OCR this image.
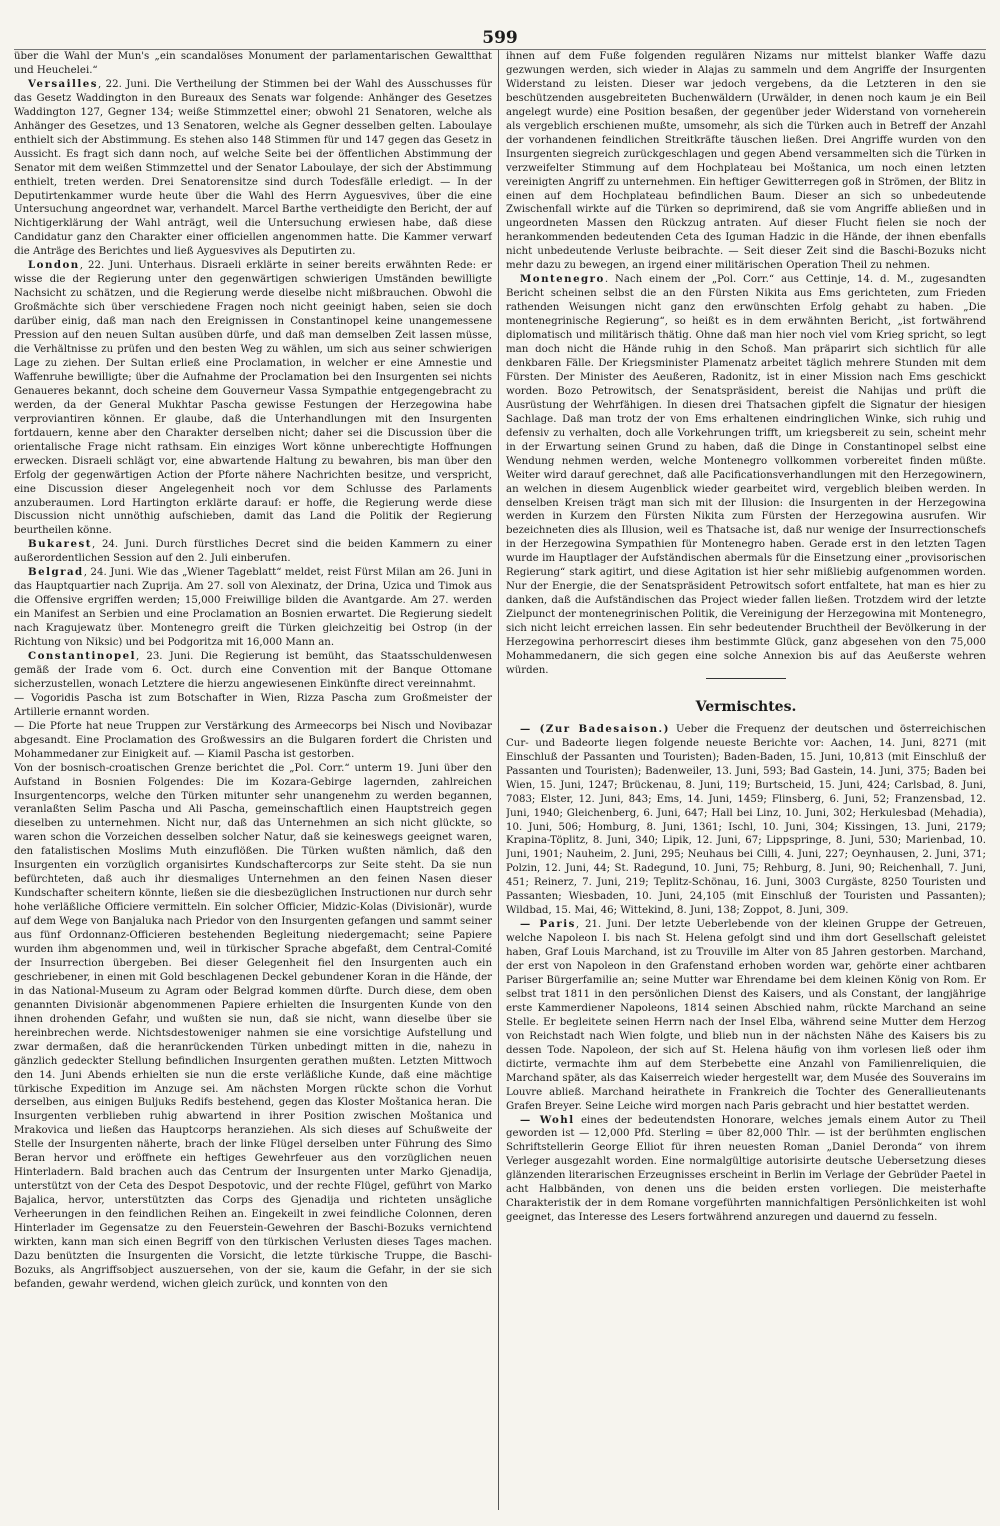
599

über die Wahl der Mun's „ein scandalöses Monument der parlamentarischen Gewaltthat und Heuchelei.“

Versailles, 22. Juni. Die Vertheilung der Stimmen bei der Wahl des Ausschusses für das Gesetz Waddington in den Bureaux des Senats war folgende: Anhänger des Gesetzes Waddington 127, Gegner 134; weiße Stimmzettel einer; obwohl 21 Senatoren, welche als Anhänger des Gesetzes, und 13 Senatoren, welche als Gegner desselben gelten. Laboulaye enthielt sich der Abstimmung. Es stehen also 148 Stimmen für und 147 gegen das Gesetz in Aussicht. Es fragt sich dann noch, auf welche Seite bei der öffentlichen Abstimmung der Senator mit dem weißen Stimmzettel und der Senator Laboulaye, der sich der Abstimmung enthielt, treten werden. Drei Senatorensitze sind durch Todesfälle erledigt. — In der Deputirtenkammer wurde heute über die Wahl des Herrn Ayguesvives, über die eine Untersuchung angeordnet war, verhandelt. Marcel Barthe vertheidigte den Bericht, der auf Nichtigerklärung der Wahl anträgt, weil die Untersuchung erwiesen habe, daß diese Candidatur ganz den Charakter einer officiellen angenommen hatte. Die Kammer verwarf die Anträge des Berichtes und ließ Ayguesvives als Deputirten zu.

London, 22. Juni. Unterhaus. Disraeli erklärte in seiner bereits erwähnten Rede: er wisse die der Regierung unter den gegenwärtigen schwierigen Umständen bewilligte Nachsicht zu schätzen, und die Regierung werde dieselbe nicht mißbrauchen. Obwohl die Großmächte sich über verschiedene Fragen noch nicht geeinigt haben, seien sie doch darüber einig, daß man nach den Ereignissen in Constantinopel keine unangemessene Pression auf den neuen Sultan ausüben dürfe, und daß man demselben Zeit lassen müsse, die Verhältnisse zu prüfen und den besten Weg zu wählen, um sich aus seiner schwierigen Lage zu ziehen. Der Sultan erließ eine Proclamation, in welcher er eine Amnestie und Waffenruhe bewilligte; über die Aufnahme der Proclamation bei den Insurgenten sei nichts Genaueres bekannt, doch scheine dem Gouverneur Vassa Sympathie entgegengebracht zu werden, da der General Mukhtar Pascha gewisse Festungen der Herzegowina habe verproviantiren können. Er glaube, daß die Unterhandlungen mit den Insurgenten fortdauern, kenne aber den Charakter derselben nicht; daher sei die Discussion über die orientalische Frage nicht rathsam. Ein einziges Wort könne unberechtigte Hoffnungen erwecken. Disraeli schlägt vor, eine abwartende Haltung zu bewahren, bis man über den Erfolg der gegenwärtigen Action der Pforte nähere Nachrichten besitze, und verspricht, eine Discussion dieser Angelegenheit noch vor dem Schlusse des Parlaments anzuberaumen. Lord Hartington erklärte darauf: er hoffe, die Regierung werde diese Discussion nicht unnöthig aufschieben, damit das Land die Politik der Regierung beurtheilen könne.

Bukarest, 24. Juni. Durch fürstliches Decret sind die beiden Kammern zu einer außerordentlichen Session auf den 2. Juli einberufen.

Belgrad, 24. Juni. Wie das „Wiener Tageblatt“ meldet, reist Fürst Milan am 26. Juni in das Hauptquartier nach Zuprija. Am 27. soll von Alexinatz, der Drina, Uzica und Timok aus die Offensive ergriffen werden; 15,000 Freiwillige bilden die Avantgarde. Am 27. werden ein Manifest an Serbien und eine Proclamation an Bosnien erwartet. Die Regierung siedelt nach Kragujewatz über. Montenegro greift die Türken gleichzeitig bei Ostrop (in der Richtung von Niksic) und bei Podgoritza mit 16,000 Mann an.

Constantinopel, 23. Juni. Die Regierung ist bemüht, das Staatsschuldenwesen gemäß der Irade vom 6. Oct. durch eine Convention mit der Banque Ottomane sicherzustellen, wonach Letztere die hierzu angewiesenen Einkünfte direct vereinnahmt.

— Vogoridis Pascha ist zum Botschafter in Wien, Rizza Pascha zum Großmeister der Artillerie ernannt worden.

— Die Pforte hat neue Truppen zur Verstärkung des Armeecorps bei Nisch und Novibazar abgesandt. Eine Proclamation des Großwessirs an die Bulgaren fordert die Christen und Mohammedaner zur Einigkeit auf. — Kiamil Pascha ist gestorben.

Von der bosnisch-croatischen Grenze berichtet die „Pol. Corr.“ unterm 19. Juni über den Aufstand in Bosnien Folgendes: Die im Kozara-Gebirge lagernden, zahlreichen Insurgentencorps, welche den Türken mitunter sehr unangenehm zu werden begannen, veranlaßten Selim Pascha und Ali Pascha, gemeinschaftlich einen Hauptstreich gegen dieselben zu unternehmen. Nicht nur, daß das Unternehmen an sich nicht glückte, so waren schon die Vorzeichen desselben solcher Natur, daß sie keineswegs geeignet waren, den fatalistischen Moslims Muth einzuflößen. Die Türken wußten nämlich, daß den Insurgenten ein vorzüglich organisirtes Kundschaftercorps zur Seite steht. Da sie nun befürchteten, daß auch ihr diesmaliges Unternehmen an den feinen Nasen dieser Kundschafter scheitern könnte, ließen sie die diesbezüglichen Instructionen nur durch sehr hohe verläßliche Officiere vermitteln. Ein solcher Officier, Midzic-Kolas (Divisionär), wurde auf dem Wege von Banjaluka nach Priedor von den Insurgenten gefangen und sammt seiner aus fünf Ordonnanz-Officieren bestehenden Begleitung niedergemacht; seine Papiere wurden ihm abgenommen und, weil in türkischer Sprache abgefaßt, dem Central-Comité der Insurrection übergeben. Bei dieser Gelegenheit fiel den Insurgenten auch ein geschriebener, in einen mit Gold beschlagenen Deckel gebundener Koran in die Hände, der in das National-Museum zu Agram oder Belgrad kommen dürfte. Durch diese, dem oben genannten Divisionär abgenommenen Papiere erhielten die Insurgenten Kunde von den ihnen drohenden Gefahr, und wußten sie nun, daß sie nicht, wann dieselbe über sie hereinbrechen werde. Nichtsdestoweniger nahmen sie eine vorsichtige Aufstellung und zwar dermaßen, daß die heranrückenden Türken unbedingt mitten in die, nahezu in gänzlich gedeckter Stellung befindlichen Insurgenten gerathen mußten. Letzten Mittwoch den 14. Juni Abends erhielten sie nun die erste verläßliche Kunde, daß eine mächtige türkische Expedition im Anzuge sei. Am nächsten Morgen rückte schon die Vorhut derselben, aus einigen Buljuks Redifs bestehend, gegen das Kloster Moštanica heran. Die Insurgenten verblieben ruhig abwartend in ihrer Position zwischen Moštanica und Mrakovica und ließen das Hauptcorps heranziehen. Als sich dieses auf Schußweite der Stelle der Insurgenten näherte, brach der linke Flügel derselben unter Führung des Simo Beran hervor und eröffnete ein heftiges Gewehrfeuer aus den vorzüglichen neuen Hinterladern. Bald brachen auch das Centrum der Insurgenten unter Marko Gjenadija, unterstützt von der Ceta des Despot Despotovic, und der rechte Flügel, geführt von Marko Bajalica, hervor, unterstützten das Corps des Gjenadija und richteten unsägliche Verheerungen in den feindlichen Reihen an. Eingekeilt in zwei feindliche Colonnen, deren Hinterlader im Gegensatze zu den Feuerstein-Gewehren der Baschi-Bozuks vernichtend wirkten, kann man sich einen Begriff von den türkischen Verlusten dieses Tages machen. Dazu benützten die Insurgenten die Vorsicht, die letzte türkische Truppe, die Baschi-Bozuks, als Angriffsobject auszuersehen, von der sie, kaum die Gefahr, in der sie sich befanden, gewahr werdend, wichen gleich zurück, und konnten von den

ihnen auf dem Fuße folgenden regulären Nizams nur mittelst blanker Waffe dazu gezwungen werden, sich wieder in Alajas zu sammeln und dem Angriffe der Insurgenten Widerstand zu leisten. Dieser war jedoch vergebens, da die Letzteren in den sie beschützenden ausgebreiteten Buchenwäldern (Urwälder, in denen noch kaum je ein Beil angelegt wurde) eine Position besaßen, der gegenüber jeder Widerstand von vorneherein als vergeblich erschienen mußte, umsomehr, als sich die Türken auch in Betreff der Anzahl der vorhandenen feindlichen Streitkräfte täuschen ließen. Drei Angriffe wurden von den Insurgenten siegreich zurückgeschlagen und gegen Abend versammelten sich die Türken in verzweifelter Stimmung auf dem Hochplateau bei Moštanica, um noch einen letzten vereinigten Angriff zu unternehmen. Ein heftiger Gewitterregen goß in Strömen, der Blitz in einen auf dem Hochplateau befindlichen Baum. Dieser an sich so unbedeutende Zwischenfall wirkte auf die Türken so deprimirend, daß sie vom Angriffe abließen und in ungeordneten Massen den Rückzug antraten. Auf dieser Flucht fielen sie noch der herankommenden bedeutenden Ceta des Iguman Hadzic in die Hände, der ihnen ebenfalls nicht unbedeutende Verluste beibrachte. — Seit dieser Zeit sind die Baschi-Bozuks nicht mehr dazu zu bewegen, an irgend einer militärischen Operation Theil zu nehmen.

Montenegro. Nach einem der „Pol. Corr.“ aus Cettinje, 14. d. M., zugesandten Bericht scheinen selbst die an den Fürsten Nikita aus Ems gerichteten, zum Frieden rathenden Weisungen nicht ganz den erwünschten Erfolg gehabt zu haben. „Die montenegrinische Regierung“, so heißt es in dem erwähnten Bericht, „ist fortwährend diplomatisch und militärisch thätig. Ohne daß man hier noch viel vom Krieg spricht, so legt man doch nicht die Hände ruhig in den Schoß. Man präparirt sich sichtlich für alle denkbaren Fälle. Der Kriegsminister Plamenatz arbeitet täglich mehrere Stunden mit dem Fürsten. Der Minister des Aeußeren, Radonitz, ist in einer Mission nach Ems geschickt worden. Bozo Petrowitsch, der Senatspräsident, bereist die Nahijas und prüft die Ausrüstung der Wehrfähigen. In diesen drei Thatsachen gipfelt die Signatur der hiesigen Sachlage. Daß man trotz der von Ems erhaltenen eindringlichen Winke, sich ruhig und defensiv zu verhalten, doch alle Vorkehrungen trifft, um kriegsbereit zu sein, scheint mehr in der Erwartung seinen Grund zu haben, daß die Dinge in Constantinopel selbst eine Wendung nehmen werden, welche Montenegro vollkommen vorbereitet finden müßte. Weiter wird darauf gerechnet, daß alle Pacificationsverhandlungen mit den Herzegowinern, an welchen in diesem Augenblick wieder gearbeitet wird, vergeblich bleiben werden. In denselben Kreisen trägt man sich mit der Illusion: die Insurgenten in der Herzegowina werden in Kurzem den Fürsten Nikita zum Fürsten der Herzegowina ausrufen. Wir bezeichneten dies als Illusion, weil es Thatsache ist, daß nur wenige der Insurrectionschefs in der Herzegowina Sympathien für Montenegro haben. Gerade erst in den letzten Tagen wurde im Hauptlager der Aufständischen abermals für die Einsetzung einer „provisorischen Regierung“ stark agitirt, und diese Agitation ist hier sehr mißliebig aufgenommen worden. Nur der Energie, die der Senatspräsident Petrowitsch sofort entfaltete, hat man es hier zu danken, daß die Aufständischen das Project wieder fallen ließen. Trotzdem wird der letzte Zielpunct der montenegrinischen Politik, die Vereinigung der Herzegowina mit Montenegro, sich nicht leicht erreichen lassen. Ein sehr bedeutender Bruchtheil der Bevölkerung in der Herzegowina perhorrescirt dieses ihm bestimmte Glück, ganz abgesehen von den 75,000 Mohammedanern, die sich gegen eine solche Annexion bis auf das Aeußerste wehren würden.

Vermischtes.

— (Zur Badesaison.) Ueber die Frequenz der deutschen und österreichischen Cur- und Badeorte liegen folgende neueste Berichte vor: Aachen, 14. Juni, 8271 (mit Einschluß der Passanten und Touristen); Baden-Baden, 15. Juni, 10,813 (mit Einschluß der Passanten und Touristen); Badenweiler, 13. Juni, 593; Bad Gastein, 14. Juni, 375; Baden bei Wien, 15. Juni, 1247; Brückenau, 8. Juni, 119; Burtscheid, 15. Juni, 424; Carlsbad, 8. Juni, 7083; Elster, 12. Juni, 843; Ems, 14. Juni, 1459; Flinsberg, 6. Juni, 52; Franzensbad, 12. Juni, 1940; Gleichenberg, 6. Juni, 647; Hall bei Linz, 10. Juni, 302; Herkulesbad (Mehadia), 10. Juni, 506; Homburg, 8. Juni, 1361; Ischl, 10. Juni, 304; Kissingen, 13. Juni, 2179; Krapina-Töplitz, 8. Juni, 340; Lipik, 12. Juni, 67; Lippspringe, 8. Juni, 530; Marienbad, 10. Juni, 1901; Nauheim, 2. Juni, 295; Neuhaus bei Cilli, 4. Juni, 227; Oeynhausen, 2. Juni, 371; Polzin, 12. Juni, 44; St. Radegund, 10. Juni, 75; Rehburg, 8. Juni, 90; Reichenhall, 7. Juni, 451; Reinerz, 7. Juni, 219; Teplitz-Schönau, 16. Juni, 3003 Curgäste, 8250 Touristen und Passanten; Wiesbaden, 10. Juni, 24,105 (mit Einschluß der Touristen und Passanten); Wildbad, 15. Mai, 46; Wittekind, 8. Juni, 138; Zoppot, 8. Juni, 309.

— Paris, 21. Juni. Der letzte Ueberlebende von der kleinen Gruppe der Getreuen, welche Napoleon I. bis nach St. Helena gefolgt sind und ihm dort Gesellschaft geleistet haben, Graf Louis Marchand, ist zu Trouville im Alter von 85 Jahren gestorben. Marchand, der erst von Napoleon in den Grafenstand erhoben worden war, gehörte einer achtbaren Pariser Bürgerfamilie an; seine Mutter war Ehrendame bei dem kleinen König von Rom. Er selbst trat 1811 in den persönlichen Dienst des Kaisers, und als Constant, der langjährige erste Kammerdiener Napoleons, 1814 seinen Abschied nahm, rückte Marchand an seine Stelle. Er begleitete seinen Herrn nach der Insel Elba, während seine Mutter dem Herzog von Reichstadt nach Wien folgte, und blieb nun in der nächsten Nähe des Kaisers bis zu dessen Tode. Napoleon, der sich auf St. Helena häufig von ihm vorlesen ließ oder ihm dictirte, vermachte ihm auf dem Sterbebette eine Anzahl von Familienreliquien, die Marchand später, als das Kaiserreich wieder hergestellt war, dem Musée des Souverains im Louvre abließ. Marchand heirathete in Frankreich die Tochter des Generallieutenants Grafen Breyer. Seine Leiche wird morgen nach Paris gebracht und hier bestattet werden.

— Wohl eines der bedeutendsten Honorare, welches jemals einem Autor zu Theil geworden ist — 12,000 Pfd. Sterling = über 82,000 Thlr. — ist der berühmten englischen Schriftstellerin George Elliot für ihren neuesten Roman „Daniel Deronda“ von ihrem Verleger ausgezahlt worden. Eine normalgültige autorisirte deutsche Uebersetzung dieses glänzenden literarischen Erzeugnisses erscheint in Berlin im Verlage der Gebrüder Paetel in acht Halbbänden, von denen uns die beiden ersten vorliegen. Die meisterhafte Charakteristik der in dem Romane vorgeführten mannichfaltigen Persönlichkeiten ist wohl geeignet, das Interesse des Lesers fortwährend anzuregen und dauernd zu fesseln.
